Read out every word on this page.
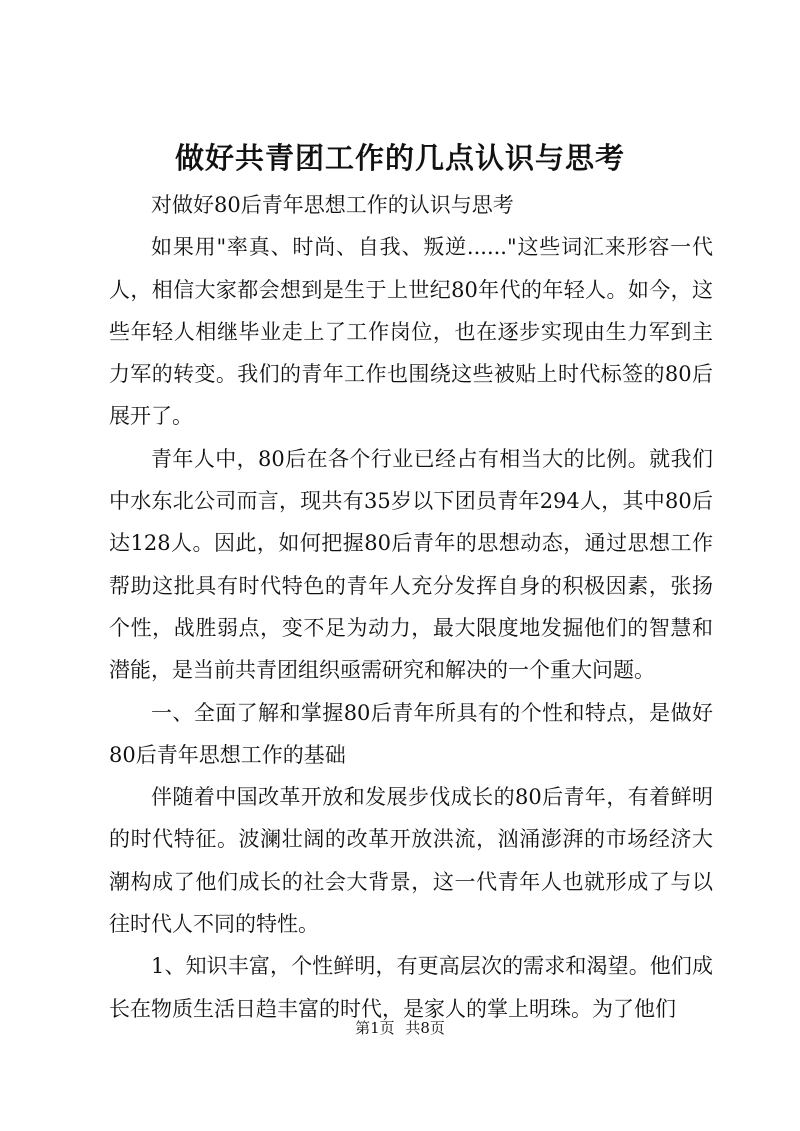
做好共青团工作的几点认识与思考

对做好80后青年思想工作的认识与思考

如果用"率真、时尚、自我、叛逆......"这些词汇来形容一代人，相信大家都会想到是生于上世纪80年代的年轻人。如今，这些年轻人相继毕业走上了工作岗位，也在逐步实现由生力军到主力军的转变。我们的青年工作也围绕这些被贴上时代标签的80后展开了。

青年人中，80后在各个行业已经占有相当大的比例。就我们中水东北公司而言，现共有35岁以下团员青年294人，其中80后达128人。因此，如何把握80后青年的思想动态，通过思想工作帮助这批具有时代特色的青年人充分发挥自身的积极因素，张扬个性，战胜弱点，变不足为动力，最大限度地发掘他们的智慧和潜能，是当前共青团组织亟需研究和解决的一个重大问题。

一、全面了解和掌握80后青年所具有的个性和特点，是做好80后青年思想工作的基础

伴随着中国改革开放和发展步伐成长的80后青年，有着鲜明的时代特征。波澜壮阔的改革开放洪流，汹涌澎湃的市场经济大潮构成了他们成长的社会大背景，这一代青年人也就形成了与以往时代人不同的特性。

1、知识丰富，个性鲜明，有更高层次的需求和渴望。他们成长在物质生活日趋丰富的时代，是家人的掌上明珠。为了他们

第1页 共8页
